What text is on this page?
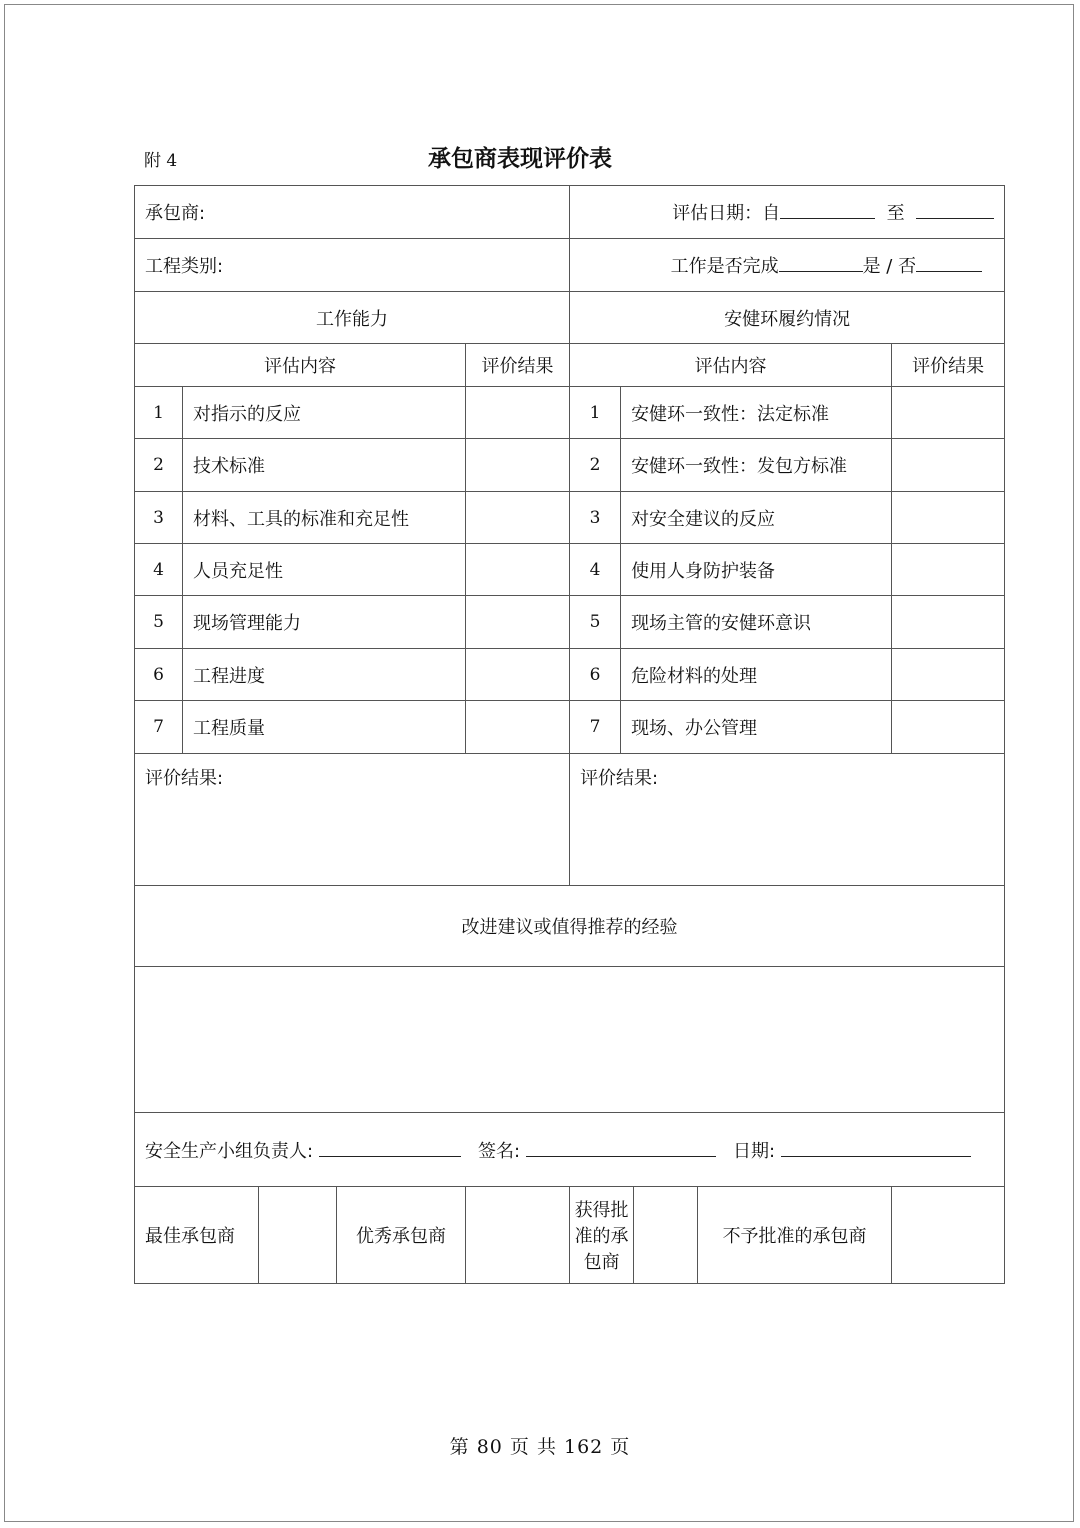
附 4	承包商表现评价表
承包商:					评估日期：自 至				
工程类别:					工作是否完成 是 / 否				
工作能力					安健环履约情况				
评估内容				评价结果	评估内容				评价结果
1	对指示的反应				1	安健环一致性：法定标准			
2	技术标准				2	安健环一致性：发包方标准			
3	材料、工具的标准和充足性				3	对安全建议的反应			
4	人员充足性				4	使用人身防护装备			
5	现场管理能力				5	现场主管的安健环意识			
6	工程进度				6	危险材料的处理			
7	工程质量				7	现场、办公管理			
评价结果:					评价结果:				
改进建议或值得推荐的经验									

安全生产小组负责人: 签名: 日期:									
最佳承包商			优秀承包商		获得批准的承包商			不予批准的承包商	
第 80 页 共 162 页
